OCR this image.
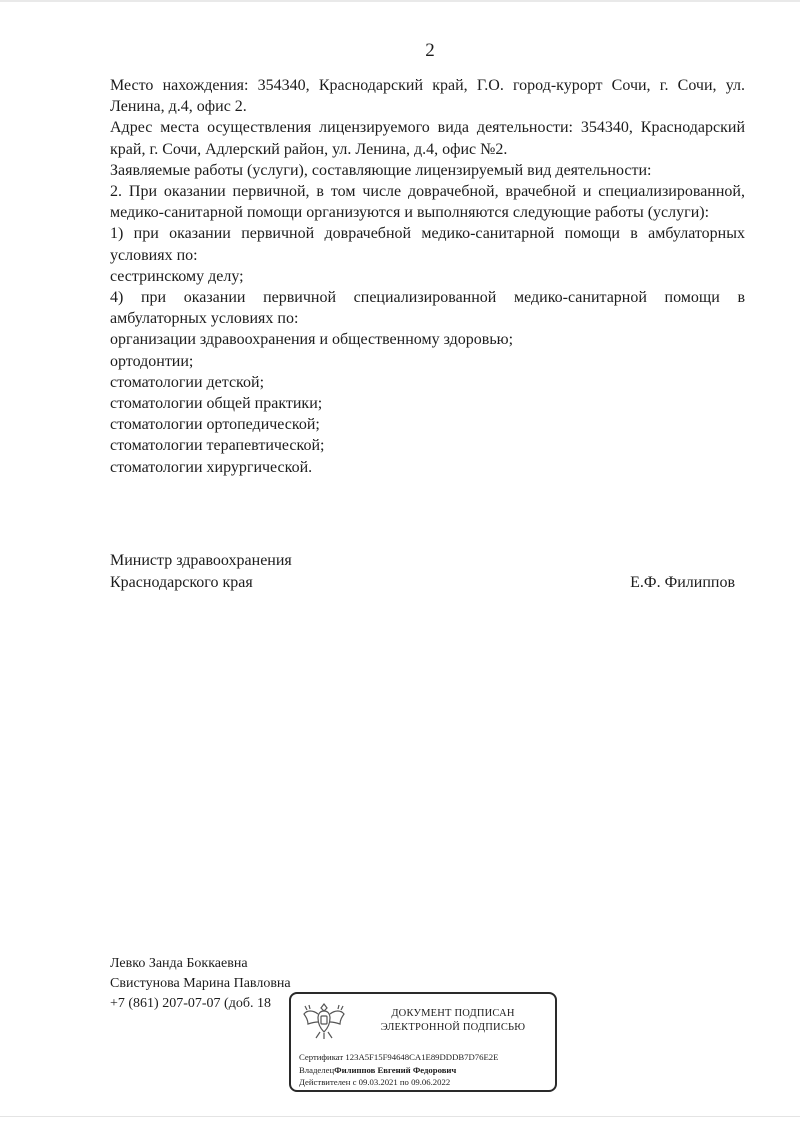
2

Место нахождения: 354340, Краснодарский край, Г.О. город-курорт Сочи, г. Сочи, ул. Ленина, д.4, офис 2.

Адрес места осуществления лицензируемого вида деятельности: 354340, Краснодарский край, г. Сочи, Адлерский район, ул. Ленина, д.4, офис №2.

Заявляемые работы (услуги), составляющие лицензируемый вид деятельности:

2. При оказании первичной, в том числе доврачебной, врачебной и специализированной, медико-санитарной помощи организуются и выполняются следующие работы (услуги):

1) при оказании первичной доврачебной медико-санитарной помощи в амбулаторных условиях по:

сестринскому делу;

4) при оказании первичной специализированной медико-санитарной помощи в амбулаторных условиях по:

организации здравоохранения и общественному здоровью;

ортодонтии;

стоматологии детской;

стоматологии общей практики;

стоматологии ортопедической;

стоматологии терапевтической;

стоматологии хирургической.

Министр здравоохранения
Краснодарского края	Е.Ф. Филиппов
Левко Занда Боккаевна
Свистунова Марина Павловна
+7 (861) 207-07-07 (доб. 18
ДОКУМЕНТ ПОДПИСАН
ЭЛЕКТРОННОЙ ПОДПИСЬЮ
Сертификат 123A5F15F94648CA1E89DDDB7D76E2E
ВладелецФилиппов Евгений Федорович
Действителен с 09.03.2021 по 09.06.2022
